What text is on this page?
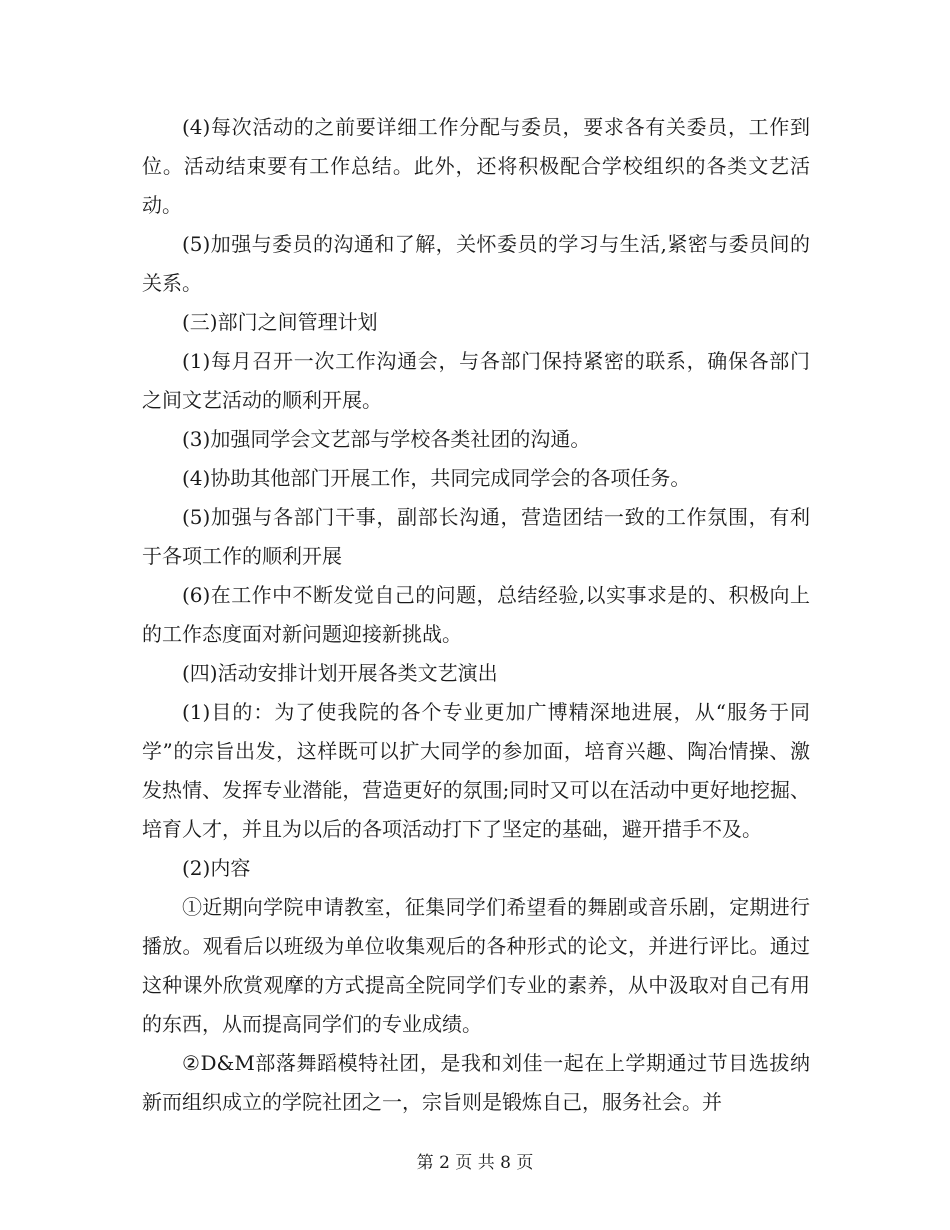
(4)每次活动的之前要详细工作分配与委员，要求各有关委员，工作到位。活动结束要有工作总结。此外，还将积极配合学校组织的各类文艺活动。

(5)加强与委员的沟通和了解，关怀委员的学习与生活,紧密与委员间的关系。

(三)部门之间管理计划

(1)每月召开一次工作沟通会，与各部门保持紧密的联系，确保各部门之间文艺活动的顺利开展。

(3)加强同学会文艺部与学校各类社团的沟通。

(4)协助其他部门开展工作，共同完成同学会的各项任务。

(5)加强与各部门干事，副部长沟通，营造团结一致的工作氛围，有利于各项工作的顺利开展

(6)在工作中不断发觉自己的问题，总结经验,以实事求是的、积极向上的工作态度面对新问题迎接新挑战。

(四)活动安排计划开展各类文艺演出

(1)目的：为了使我院的各个专业更加广博精深地进展，从“服务于同学”的宗旨出发，这样既可以扩大同学的参加面，培育兴趣、陶冶情操、激发热情、发挥专业潜能，营造更好的氛围;同时又可以在活动中更好地挖掘、培育人才，并且为以后的各项活动打下了坚定的基础，避开措手不及。

(2)内容

①近期向学院申请教室，征集同学们希望看的舞剧或音乐剧，定期进行播放。观看后以班级为单位收集观后的各种形式的论文，并进行评比。通过这种课外欣赏观摩的方式提高全院同学们专业的素养，从中汲取对自己有用的东西，从而提高同学们的专业成绩。

②D&M部落舞蹈模特社团，是我和刘佳一起在上学期通过节目选拔纳新而组织成立的学院社团之一，宗旨则是锻炼自己，服务社会。并

第 2 页 共 8 页
